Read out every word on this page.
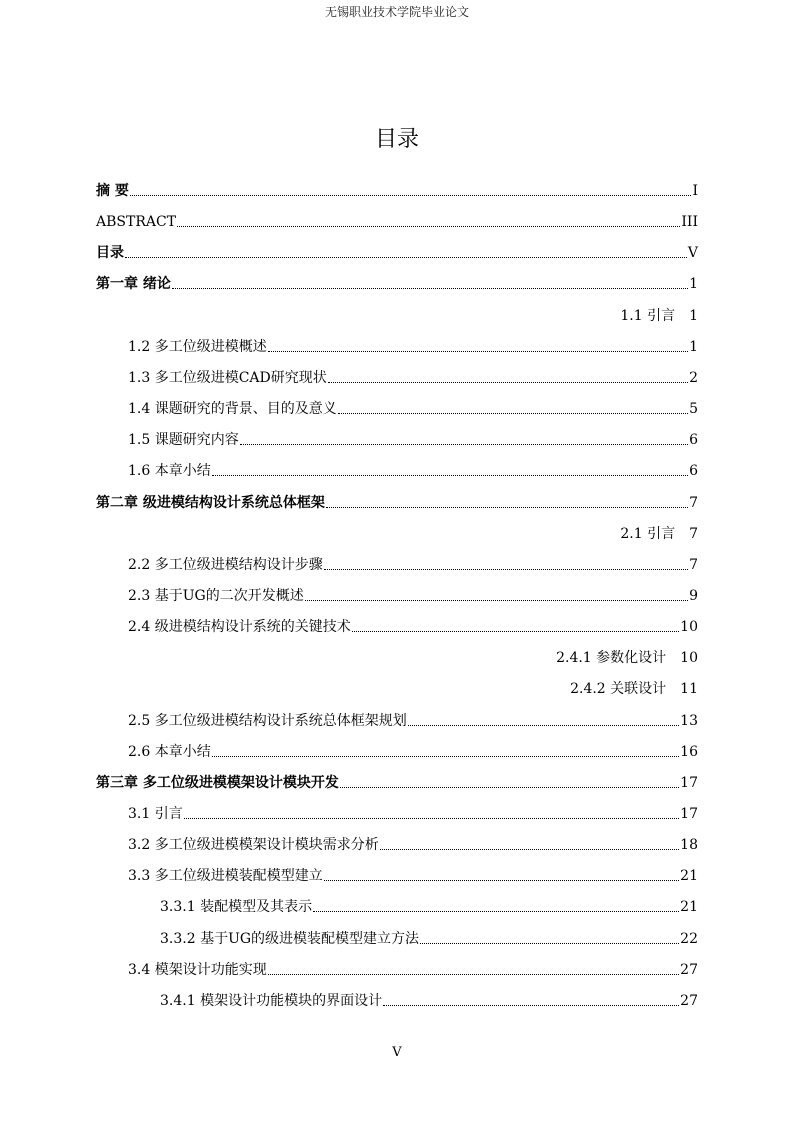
无锡职业技术学院毕业论文
目录
摘 要	I
ABSTRACT	III
目录	V
第一章 绪论	1
1.1 引言 1
1.2 多工位级进模概述	1
1.3 多工位级进模CAD研究现状	2
1.4 课题研究的背景、目的及意义	5
1.5 课题研究内容	6
1.6 本章小结	6
第二章 级进模结构设计系统总体框架	7
2.1 引言 7
2.2 多工位级进模结构设计步骤	7
2.3 基于UG的二次开发概述	9
2.4 级进模结构设计系统的关键技术	10
2.4.1 参数化设计 10
2.4.2 关联设计 11
2.5 多工位级进模结构设计系统总体框架规划	13
2.6 本章小结	16
第三章 多工位级进模模架设计模块开发	17
3.1 引言	17
3.2 多工位级进模模架设计模块需求分析	18
3.3 多工位级进模装配模型建立	21
3.3.1 装配模型及其表示	21
3.3.2 基于UG的级进模装配模型建立方法	22
3.4 模架设计功能实现	27
3.4.1 模架设计功能模块的界面设计	27
V
